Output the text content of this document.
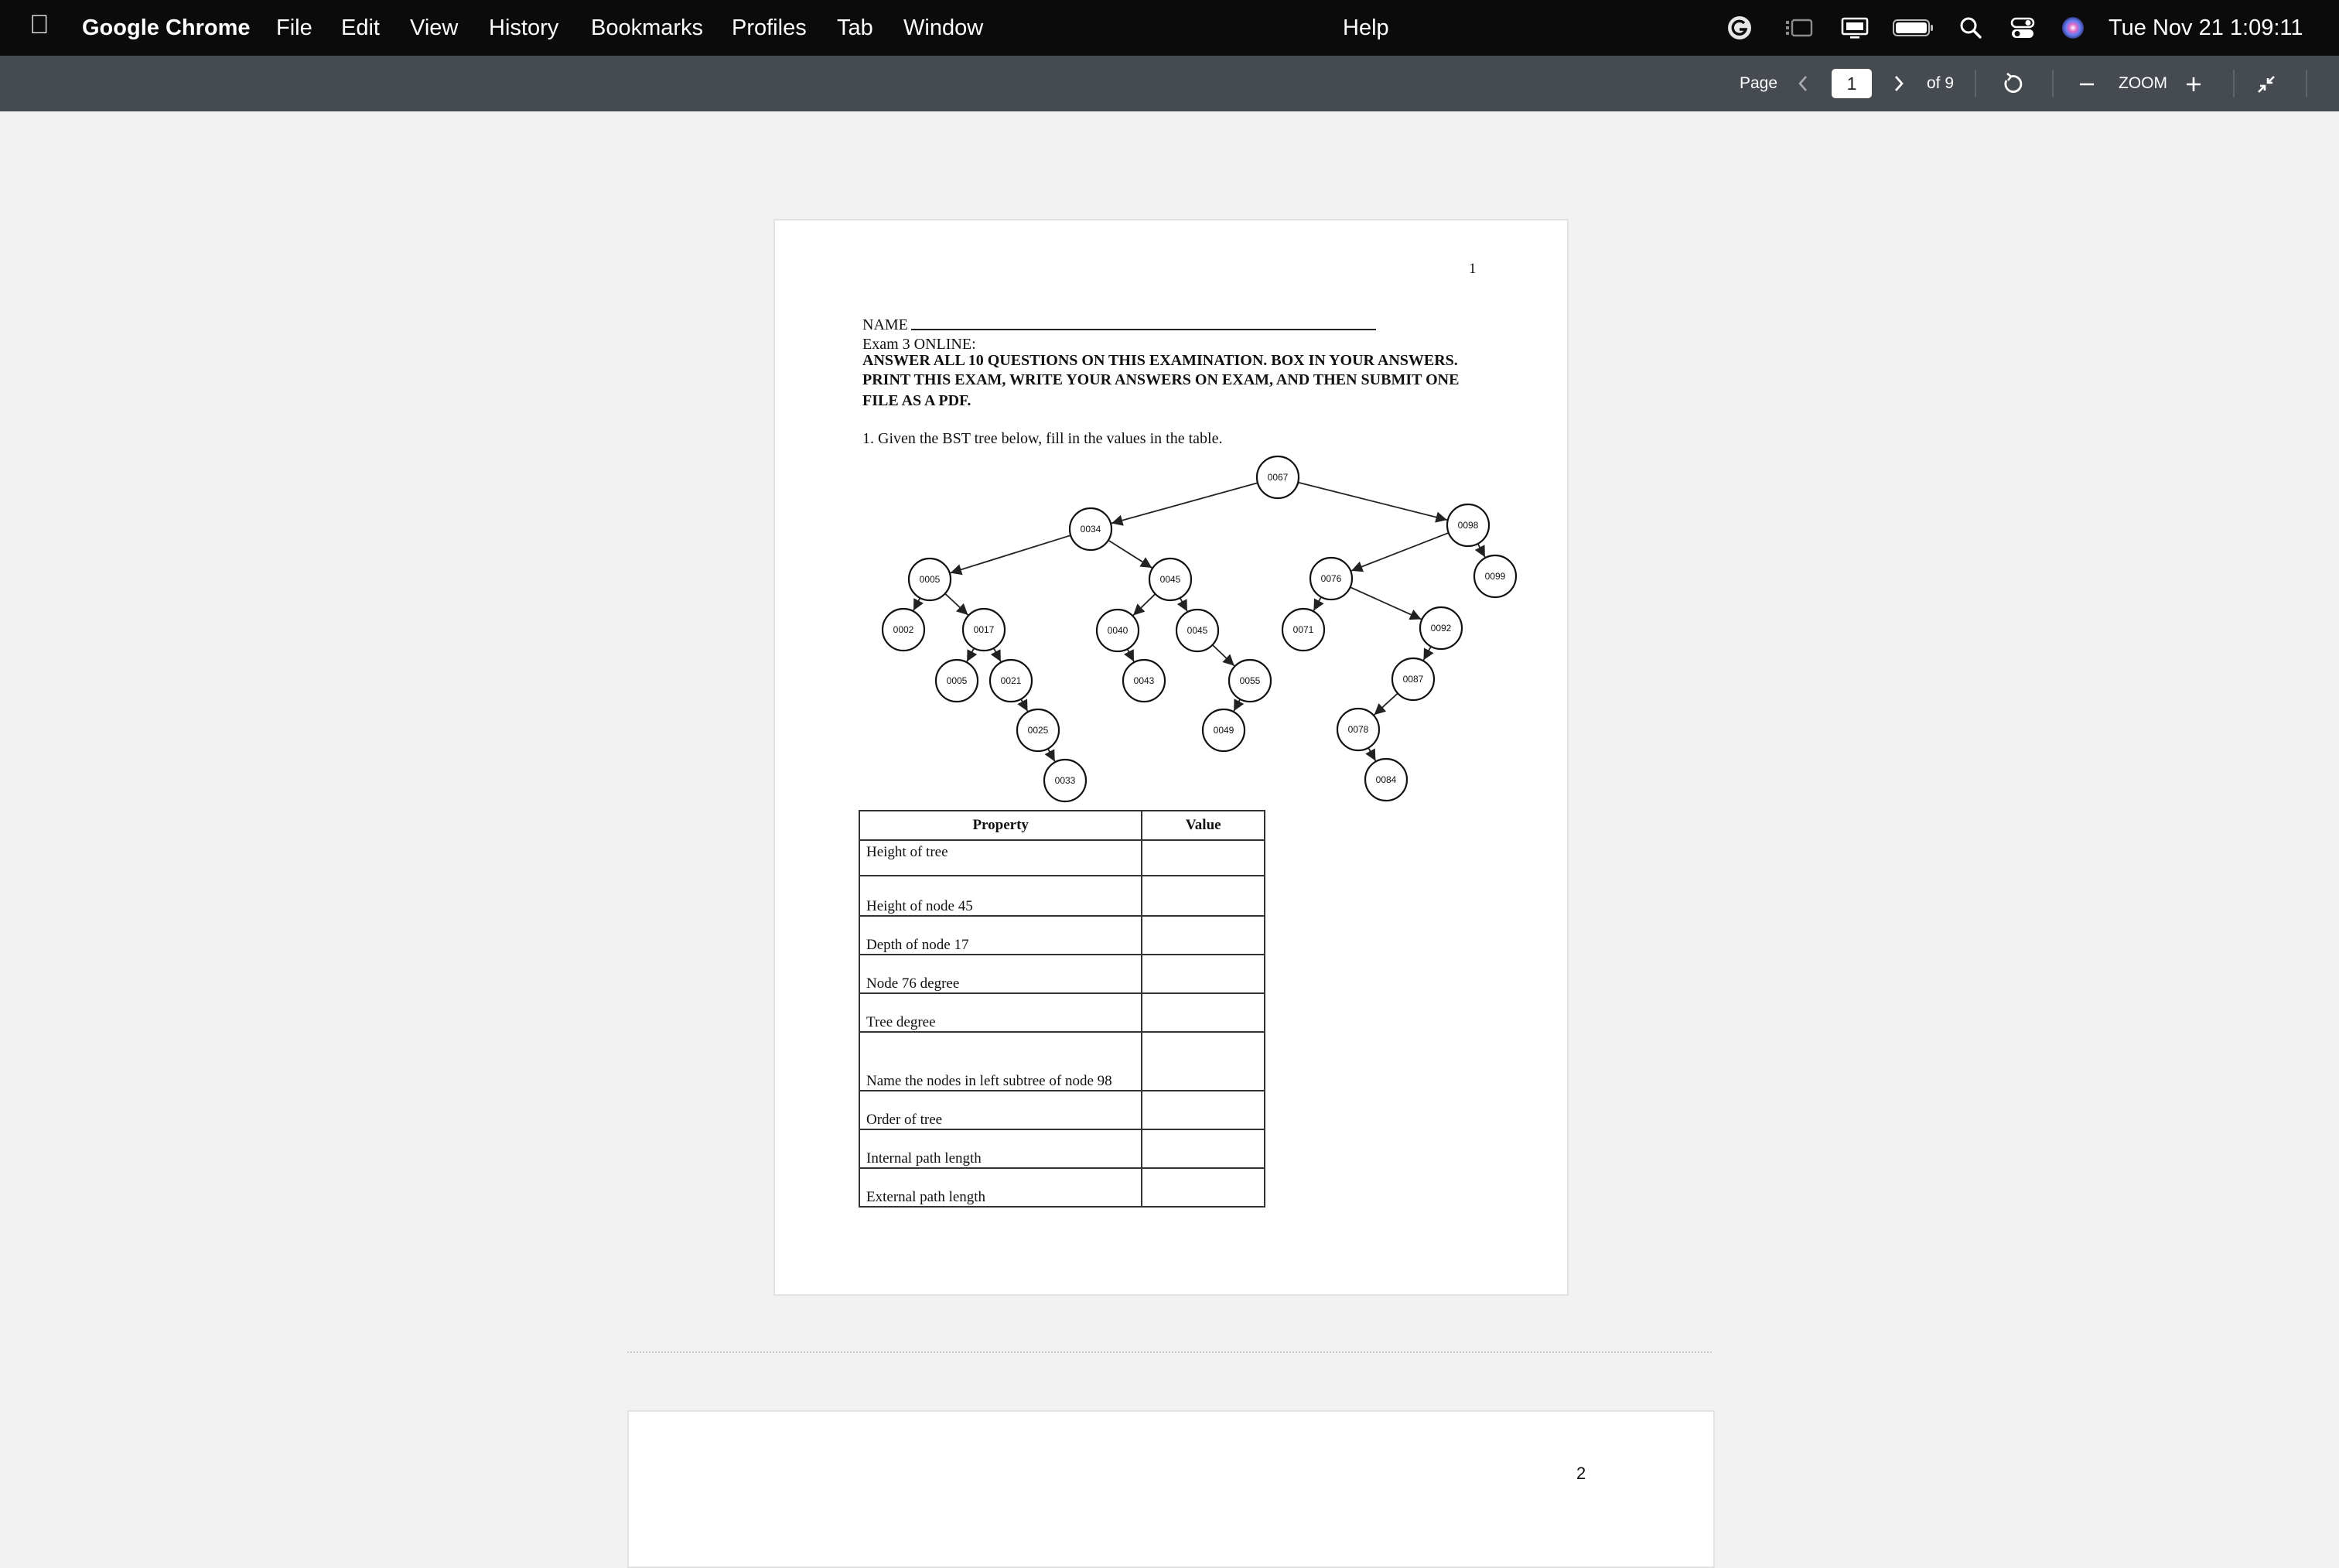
Google Chrome File Edit View History Bookmarks Profiles Tab Window	Help	Tue Nov 21 1:09:11
Page	of 9	ZOOM
1
1
NAME
Exam 3 ONLINE:
ANSWER ALL 10 QUESTIONS ON THIS EXAMINATION. BOX IN YOUR ANSWERS.
PRINT THIS EXAM, WRITE YOUR ANSWERS ON EXAM, AND THEN SUBMIT ONE
FILE AS A PDF.
1. Given the BST tree below, fill in the values in the table.
0067
0034	0098
0005	0045	0076	0099
0002	0017	0040	0045	0071	0092
0005	0021	0043	0055	0087
0025	0049	0078
0033	0084
Property	Value
Height of tree	
Height of node 45	
Depth of node 17	
Node 76 degree	
Tree degree	
Name the nodes in left subtree of node 98	
Order of tree	
Internal path length	
External path length	
2
